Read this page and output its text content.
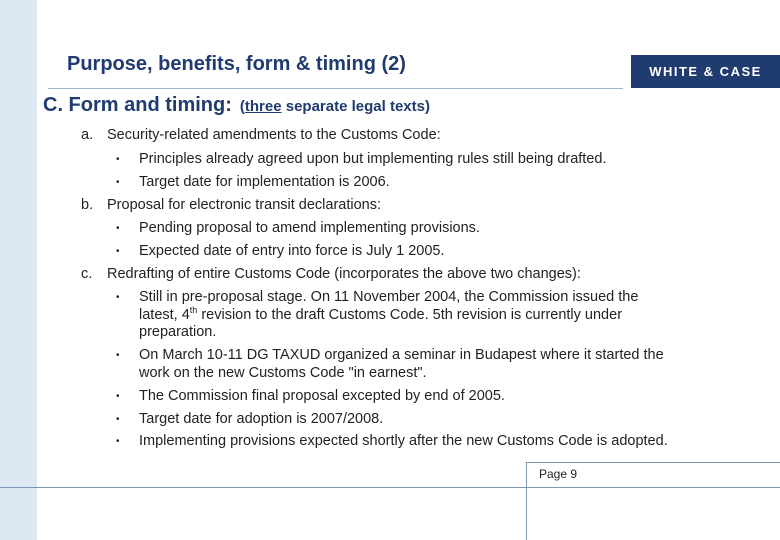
Purpose, benefits, form & timing (2)	WHITE & CASE
C. Form and timing: (three separate legal texts)
a. Security-related amendments to the Customs Code:
•	Principles already agreed upon but implementing rules still being drafted.
•	Target date for implementation is 2006.
b. Proposal for electronic transit declarations:
•	Pending proposal to amend implementing provisions.
•	Expected date of entry into force is July 1 2005.
c. Redrafting of entire Customs Code (incorporates the above two changes):
•	Still in pre-proposal stage. On 11 November 2004, the Commission issued the
latest, 4th revision to the draft Customs Code. 5th revision is currently under
preparation.
•	On March 10-11 DG TAXUD organized a seminar in Budapest where it started the
work on the new Customs Code "in earnest".
•	The Commission final proposal excepted by end of 2005.
•	Target date for adoption is 2007/2008.
•	Implementing provisions expected shortly after the new Customs Code is adopted.
Page 9
